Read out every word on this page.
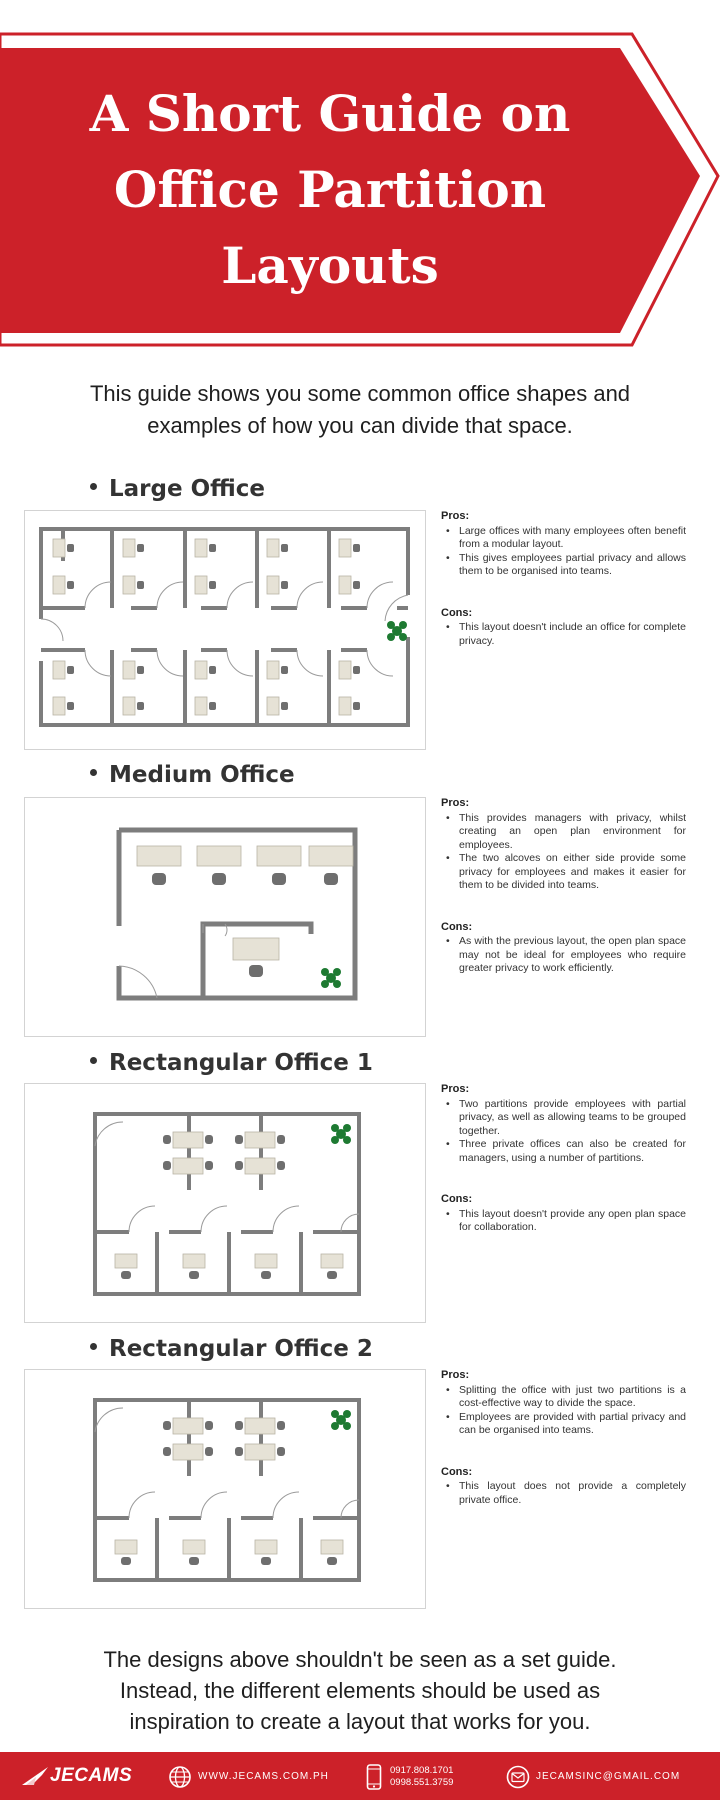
A Short Guide on
Office Partition
Layouts
This guide shows you some common office shapes and
examples of how you can divide that space.
Large Office
Pros:
• Large offices with many employees often benefit from a modular layout.
• This gives employees partial privacy and allows them to be organised into teams.
Cons:
• This layout doesn't include an office for complete privacy.
Medium Office
Pros:
• This provides managers with privacy, whilst creating an open plan environment for employees.
• The two alcoves on either side provide some privacy for employees and makes it easier for them to be divided into teams.
Cons:
• As with the previous layout, the open plan space may not be ideal for employees who require greater privacy to work efficiently.
Rectangular Office 1
Pros:
• Two partitions provide employees with partial privacy, as well as allowing teams to be grouped together.
• Three private offices can also be created for managers, using a number of partitions.
Cons:
• This layout doesn't provide any open plan space for collaboration.
Rectangular Office 2
Pros:
• Splitting the office with just two partitions is a cost-effective way to divide the space.
• Employees are provided with partial privacy and can be organised into teams.
Cons:
• This layout does not provide a completely private office.
The designs above shouldn't be seen as a set guide.
Instead, the different elements should be used as
inspiration to create a layout that works for you.
JECAMS	WWW.JECAMS.COM.PH
0917.808.1701
0998.551.3759
JECAMSINC@GMAIL.COM
